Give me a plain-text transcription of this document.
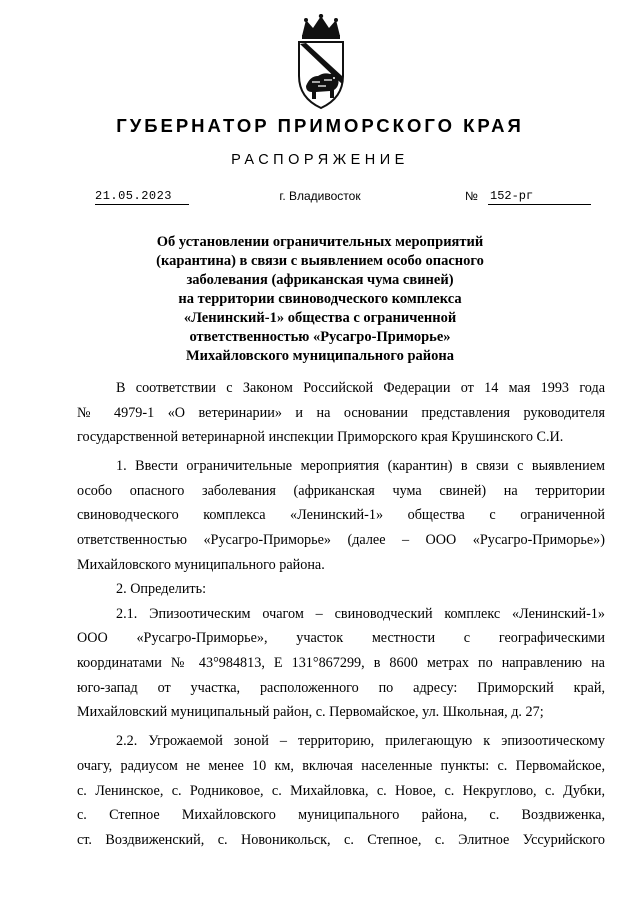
ГУБЕРНАТОР ПРИМОРСКОГО КРАЯ
РАСПОРЯЖЕНИЕ
21.05.2023	г. Владивосток	№ 152-рг
Об установлении ограничительных мероприятий
(карантина) в связи с выявлением особо опасного
заболевания (африканская чума свиней)
на территории свиноводческого комплекса
«Ленинский-1» общества с ограниченной
ответственностью «Русагро-Приморье»
Михайловского муниципального района
В соответствии с Законом Российской Федерации от 14 мая 1993 года
№ 4979-1 «О ветеринарии» и на основании представления руководителя
государственной ветеринарной инспекции Приморского края Крушинского С.И.
1. Ввести ограничительные мероприятия (карантин) в связи с выявлением
особо опасного заболевания (африканская чума свиней) на территории
свиноводческого комплекса «Ленинский-1» общества с ограниченной
ответственностью «Русагро-Приморье» (далее – ООО «Русагро-Приморье»)
Михайловского муниципального района.
2. Определить:
2.1. Эпизоотическим очагом – свиноводческий комплекс «Ленинский-1»
ООО «Русагро-Приморье», участок местности с географическими
координатами № 43°984813, Е 131°867299, в 8600 метрах по направлению на
юго-запад от участка, расположенного по адресу: Приморский край,
Михайловский муниципальный район, с. Первомайское, ул. Школьная, д. 27;
2.2. Угрожаемой зоной – территорию, прилегающую к эпизоотическому
очагу, радиусом не менее 10 км, включая населенные пункты: с. Первомайское,
с. Ленинское, с. Родниковое, с. Михайловка, с. Новое, с. Некруглово, с. Дубки,
с. Степное Михайловского муниципального района, с. Воздвиженка,
ст. Воздвиженский, с. Новоникольск, с. Степное, с. Элитное Уссурийского
